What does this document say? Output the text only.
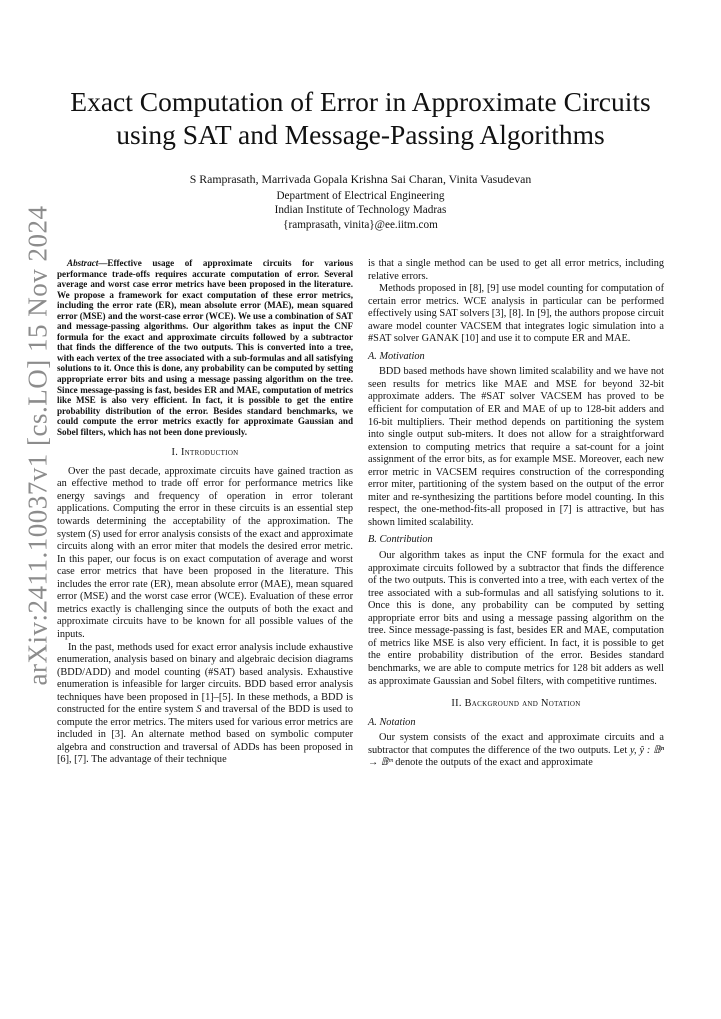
arXiv:2411.10037v1 [cs.LO] 15 Nov 2024
Exact Computation of Error in Approximate Circuits
using SAT and Message-Passing Algorithms
S Ramprasath, Marrivada Gopala Krishna Sai Charan, Vinita Vasudevan
Department of Electrical Engineering
Indian Institute of Technology Madras
{ramprasath, vinita}@ee.iitm.com

Abstract—Effective usage of approximate circuits for various performance trade-offs requires accurate computation of error. Several average and worst case error metrics have been proposed in the literature. We propose a framework for exact computation of these error metrics, including the error rate (ER), mean absolute error (MAE), mean squared error (MSE) and the worst-case error (WCE). We use a combination of SAT and message-passing algorithms. Our algorithm takes as input the CNF formula for the exact and approximate circuits followed by a subtractor that finds the difference of the two outputs. This is converted into a tree, with each vertex of the tree associated with a sub-formulas and all satisfying solutions to it. Once this is done, any probability can be computed by setting appropriate error bits and using a message passing algorithm on the tree. Since message-passing is fast, besides ER and MAE, computation of metrics like MSE is also very efficient. In fact, it is possible to get the entire probability distribution of the error. Besides standard benchmarks, we could compute the error metrics exactly for approximate Gaussian and Sobel filters, which has not been done previously.

I. Introduction

Over the past decade, approximate circuits have gained traction as an effective method to trade off error for performance metrics like energy savings and frequency of operation in error tolerant applications. Computing the error in these circuits is an essential step towards determining the acceptability of the approximation. The system (S) used for error analysis consists of the exact and approximate circuits along with an error miter that models the desired error metric. In this paper, our focus is on exact computation of average and worst case error metrics that have been proposed in the literature. This includes the error rate (ER), mean absolute error (MAE), mean squared error (MSE) and the worst case error (WCE). Evaluation of these error metrics exactly is challenging since the outputs of both the exact and approximate circuits have to be known for all possible values of the inputs.

In the past, methods used for exact error analysis include exhaustive enumeration, analysis based on binary and algebraic decision diagrams (BDD/ADD) and model counting (#SAT) based analysis. Exhaustive enumeration is infeasible for larger circuits. BDD based error analysis techniques have been proposed in [1]–[5]. In these methods, a BDD is constructed for the entire system S and traversal of the BDD is used to compute the error metrics. The miters used for various error metrics are included in [3]. An alternate method based on symbolic computer algebra and construction and traversal of ADDs has been proposed in [6], [7]. The advantage of their technique

is that a single method can be used to get all error metrics, including relative errors.

Methods proposed in [8], [9] use model counting for computation of certain error metrics. WCE analysis in particular can be performed effectively using SAT solvers [3], [8]. In [9], the authors propose circuit aware model counter VACSEM that integrates logic simulation into a #SAT solver GANAK [10] and use it to compute ER and MAE.

A. Motivation

BDD based methods have shown limited scalability and we have not seen results for metrics like MAE and MSE for beyond 32-bit approximate adders. The #SAT solver VACSEM has proved to be efficient for computation of ER and MAE of up to 128-bit adders and 16-bit multipliers. Their method depends on partitioning the system into single output sub-miters. It does not allow for a straightforward extension to computing metrics that require a sat-count for a joint assignment of the error bits, as for example MSE. Moreover, each new error metric in VACSEM requires construction of the corresponding error miter, partitioning of the system based on the output of the error miter and re-synthesizing the partitions before model counting. In this respect, the one-method-fits-all proposed in [7] is attractive, but has shown limited scalability.

B. Contribution

Our algorithm takes as input the CNF formula for the exact and approximate circuits followed by a subtractor that finds the difference of the two outputs. This is converted into a tree, with each vertex of the tree associated with a sub-formulas and all satisfying solutions to it. Once this is done, any probability can be computed by setting appropriate error bits and using a message passing algorithm on the tree. Since message-passing is fast, besides ER and MAE, computation of metrics like MSE is also very efficient. In fact, it is possible to get the entire probability distribution of the error. Besides standard benchmarks, we are able to compute metrics for 128 bit adders as well as approximate Gaussian and Sobel filters, with competitive runtimes.

II. Background and Notation
A. Notation

Our system consists of the exact and approximate circuits and a subtractor that computes the difference of the two outputs. Let y, ŷ : 𝔹ⁿ → 𝔹ᵐ denote the outputs of the exact and approximate
